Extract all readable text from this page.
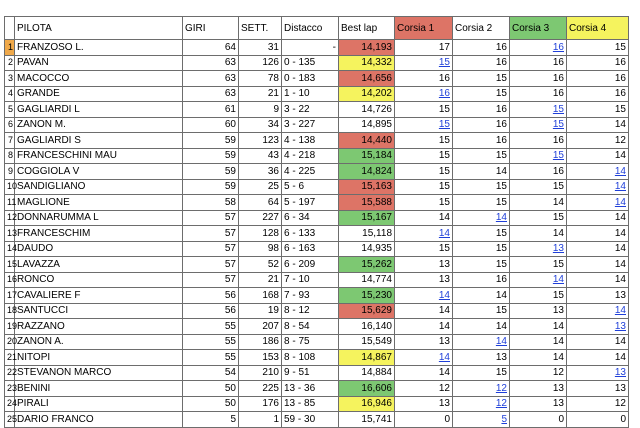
	PILOTA	GIRI	SETT.	Distacco	Best lap	Corsia 1	Corsia 2	Corsia 3	Corsia 4
1	FRANZOSO L.	64	31	-	14,193	17	16	16	15
2	PAVAN	63	126	0 - 135	14,332	15	16	16	16
3	MACOCCO	63	78	0 - 183	14,656	16	15	16	16
4	GRANDE	63	21	1 - 10	14,202	16	15	16	16
5	GAGLIARDI L	61	9	3 - 22	14,726	15	16	15	15
6	ZANON M.	60	34	3 - 227	14,895	15	16	15	14
7	GAGLIARDI S	59	123	4 - 138	14,440	15	16	16	12
8	FRANCESCHINI MAU	59	43	4 - 218	15,184	15	15	15	14
9	COGGIOLA V	59	36	4 - 225	14,824	15	14	16	14
10	SANDIGLIANO	59	25	5 - 6	15,163	15	15	15	14
11	MAGLIONE	58	64	5 - 197	15,588	15	15	14	14
12	DONNARUMMA L	57	227	6 - 34	15,167	14	14	15	14
13	FRANCESCHIM	57	128	6 - 133	15,118	14	15	14	14
14	DAUDO	57	98	6 - 163	14,935	15	15	13	14
15	LAVAZZA	57	52	6 - 209	15,262	13	15	15	14
16	RONCO	57	21	7 - 10	14,774	13	16	14	14
17	CAVALIERE F	56	168	7 - 93	15,230	14	14	15	13
18	SANTUCCI	56	19	8 - 12	15,629	14	15	13	14
19	RAZZANO	55	207	8 - 54	16,140	14	14	14	13
20	ZANON A.	55	186	8 - 75	15,549	13	14	14	14
21	NITOPI	55	153	8 - 108	14,867	14	13	14	14
22	STEVANON MARCO	54	210	9 - 51	14,884	14	15	12	13
23	BENINI	50	225	13 - 36	16,606	12	12	13	13
24	PIRALI	50	176	13 - 85	16,946	13	12	13	12
25	DARIO FRANCO	5	1	59 - 30	15,741	0	5	0	0
